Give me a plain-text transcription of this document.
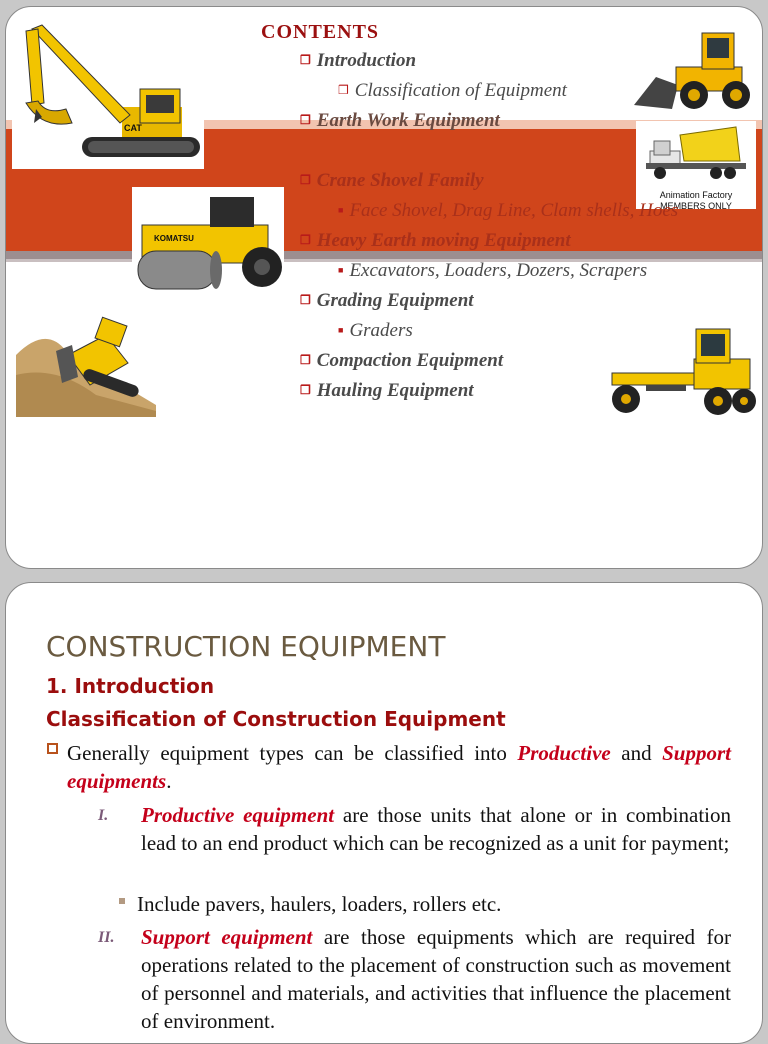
CONTENTS
CAT
Animation Factory
MEMBERS ONLY
KOMATSU
❒ Introduction
❒ Classification of Equipment
❒ Earth Work Equipment
❒ Crane Shovel Family
■ Face Shovel, Drag Line, Clam shells, Hoes
❒ Heavy Earth moving Equipment
■ Excavators, Loaders, Dozers, Scrapers
❒ Grading Equipment
■ Graders
❒ Compaction Equipment
❒ Hauling Equipment
CONSTRUCTION EQUIPMENT
1. Introduction
Classification of Construction Equipment
Generally equipment types can be classified into Productive and Support equipments.
I. Productive equipment are those units that alone or in combination lead to an end product which can be recognized as a unit for payment;
Include pavers, haulers, loaders, rollers etc.
II. Support equipment are those equipments which are required for operations related to the placement of construction such as movement of personnel and materials, and activities that influence the placement of environment.
